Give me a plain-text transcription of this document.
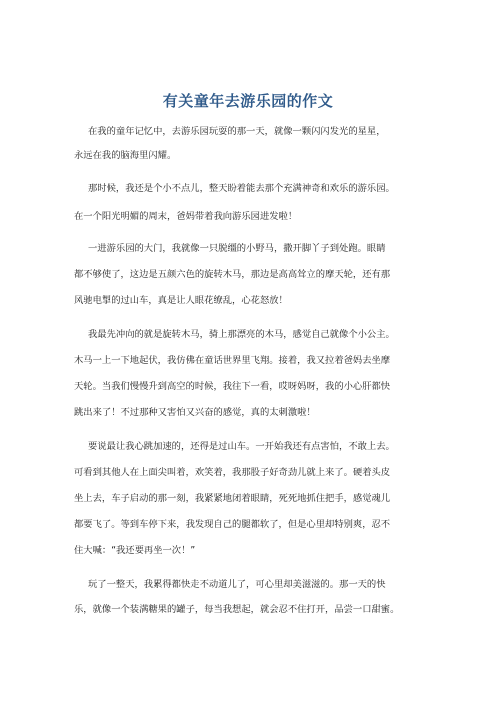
有关童年去游乐园的作文
在我的童年记忆中，去游乐园玩耍的那一天，就像一颗闪闪发光的星星，
永远在我的脑海里闪耀。
那时候，我还是个小不点儿，整天盼着能去那个充满神奇和欢乐的游乐园。
在一个阳光明媚的周末，爸妈带着我向游乐园进发啦！
一进游乐园的大门，我就像一只脱缰的小野马，撒开脚丫子到处跑。眼睛
都不够使了，这边是五颜六色的旋转木马，那边是高高耸立的摩天轮，还有那
风驰电掣的过山车，真是让人眼花缭乱，心花怒放！
我最先冲向的就是旋转木马，骑上那漂亮的木马，感觉自己就像个小公主。
木马一上一下地起伏，我仿佛在童话世界里飞翔。接着，我又拉着爸妈去坐摩
天轮。当我们慢慢升到高空的时候，我往下一看，哎呀妈呀，我的小心肝都快
跳出来了！不过那种又害怕又兴奋的感觉，真的太刺激啦！
要说最让我心跳加速的，还得是过山车。一开始我还有点害怕，不敢上去。
可看到其他人在上面尖叫着，欢笑着，我那股子好奇劲儿就上来了。硬着头皮
坐上去，车子启动的那一刻，我紧紧地闭着眼睛，死死地抓住把手，感觉魂儿
都要飞了。等到车停下来，我发现自己的腿都软了，但是心里却特别爽，忍不
住大喊：“我还要再坐一次！”
玩了一整天，我累得都快走不动道儿了，可心里却美滋滋的。那一天的快
乐，就像一个装满糖果的罐子，每当我想起，就会忍不住打开，品尝一口甜蜜。
